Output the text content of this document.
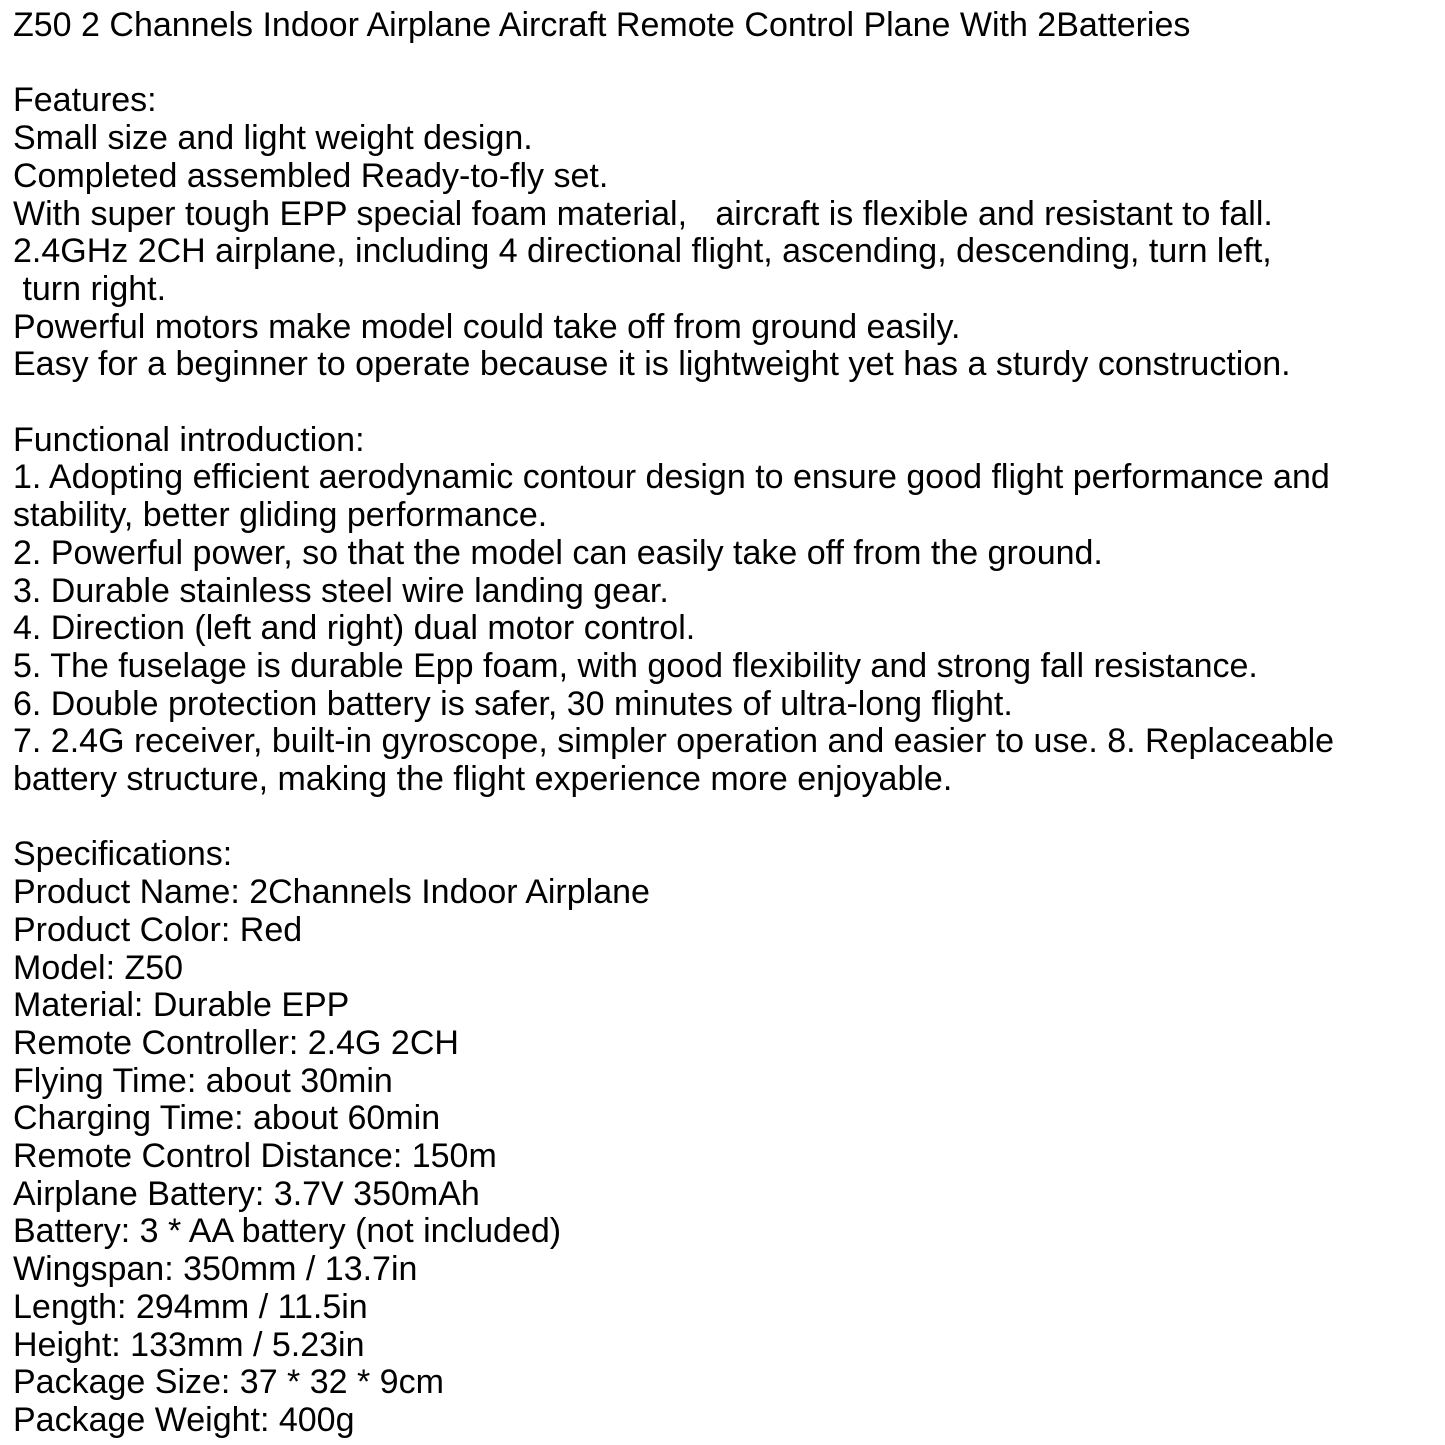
Z50 2 Channels Indoor Airplane Aircraft Remote Control Plane With 2Batteries
Features:
Small size and light weight design.
Completed assembled Ready-to-fly set.
With super tough EPP special foam material,   aircraft is flexible and resistant to fall.
2.4GHz 2CH airplane, including 4 directional flight, ascending, descending, turn left,
turn right.
Powerful motors make model could take off from ground easily.
Easy for a beginner to operate because it is lightweight yet has a sturdy construction.
Functional introduction:
1. Adopting efficient aerodynamic contour design to ensure good flight performance and
stability, better gliding performance.
2. Powerful power, so that the model can easily take off from the ground.
3. Durable stainless steel wire landing gear.
4. Direction (left and right) dual motor control.
5. The fuselage is durable Epp foam, with good flexibility and strong fall resistance.
6. Double protection battery is safer, 30 minutes of ultra-long flight.
7. 2.4G receiver, built-in gyroscope, simpler operation and easier to use. 8. Replaceable
battery structure, making the flight experience more enjoyable.
Specifications:
Product Name: 2Channels Indoor Airplane
Product Color: Red
Model: Z50
Material: Durable EPP
Remote Controller: 2.4G 2CH
Flying Time: about 30min
Charging Time: about 60min
Remote Control Distance: 150m
Airplane Battery: 3.7V 350mAh
Battery: 3 * AA battery (not included)
Wingspan: 350mm / 13.7in
Length: 294mm / 11.5in
Height: 133mm / 5.23in
Package Size: 37 * 32 * 9cm
Package Weight: 400g
